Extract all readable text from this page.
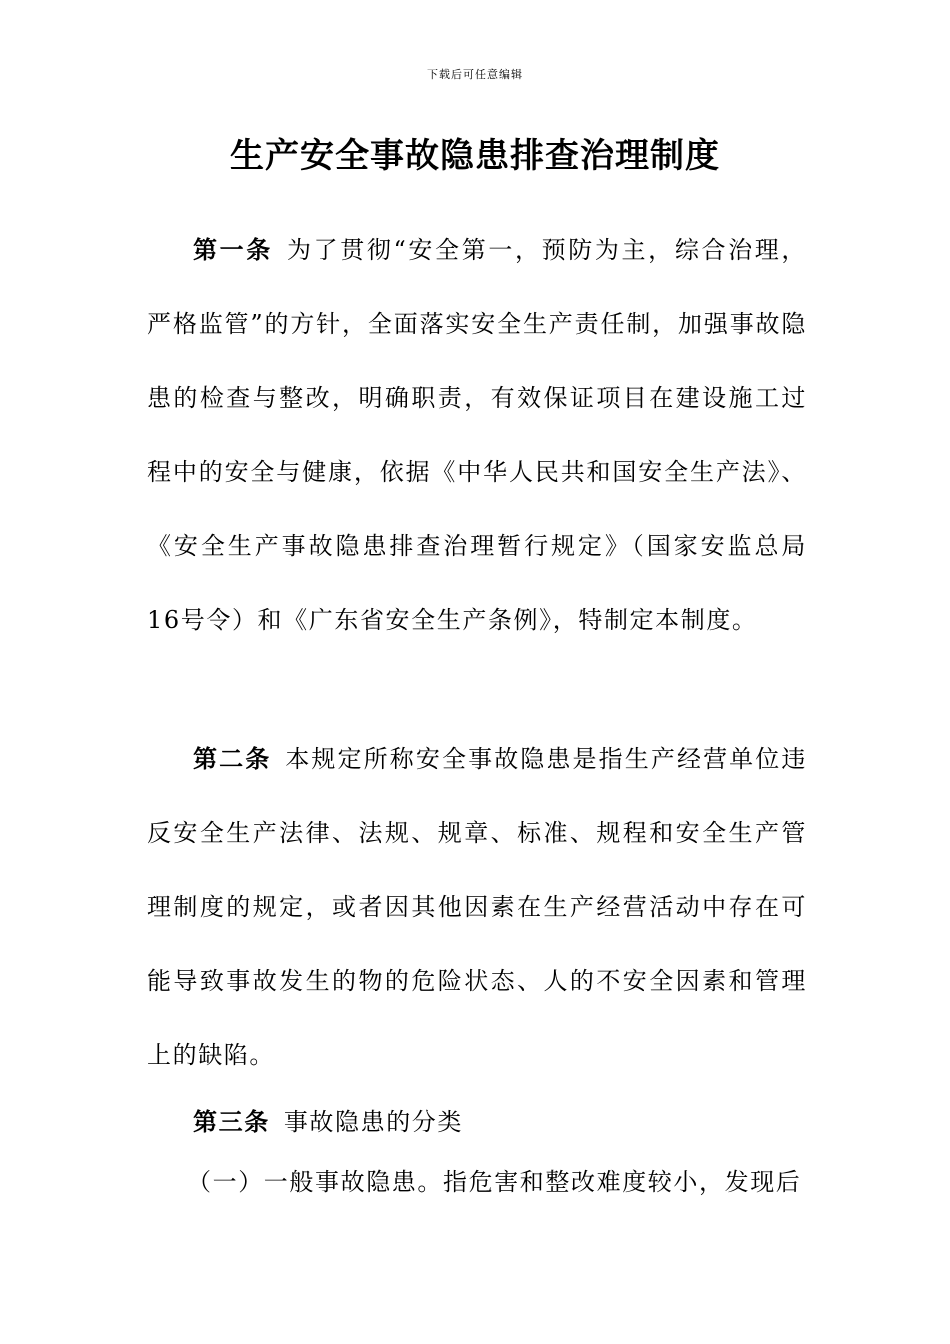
下载后可任意编辑
生产安全事故隐患排查治理制度
第一条 为了贯彻“安全第一，预防为主，综合治理，严格监管”的方针，全面落实安全生产责任制，加强事故隐患的检查与整改，明确职责，有效保证项目在建设施工过程中的安全与健康，依据《中华人民共和国安全生产法》、《安全生产事故隐患排查治理暂行规定》（国家安监总局16号令）和《广东省安全生产条例》，特制定本制度。
第二条 本规定所称安全事故隐患是指生产经营单位违反安全生产法律、法规、规章、标准、规程和安全生产管理制度的规定，或者因其他因素在生产经营活动中存在可能导致事故发生的物的危险状态、人的不安全因素和管理上的缺陷。
第三条 事故隐患的分类
（一）一般事故隐患。指危害和整改难度较小，发现后
